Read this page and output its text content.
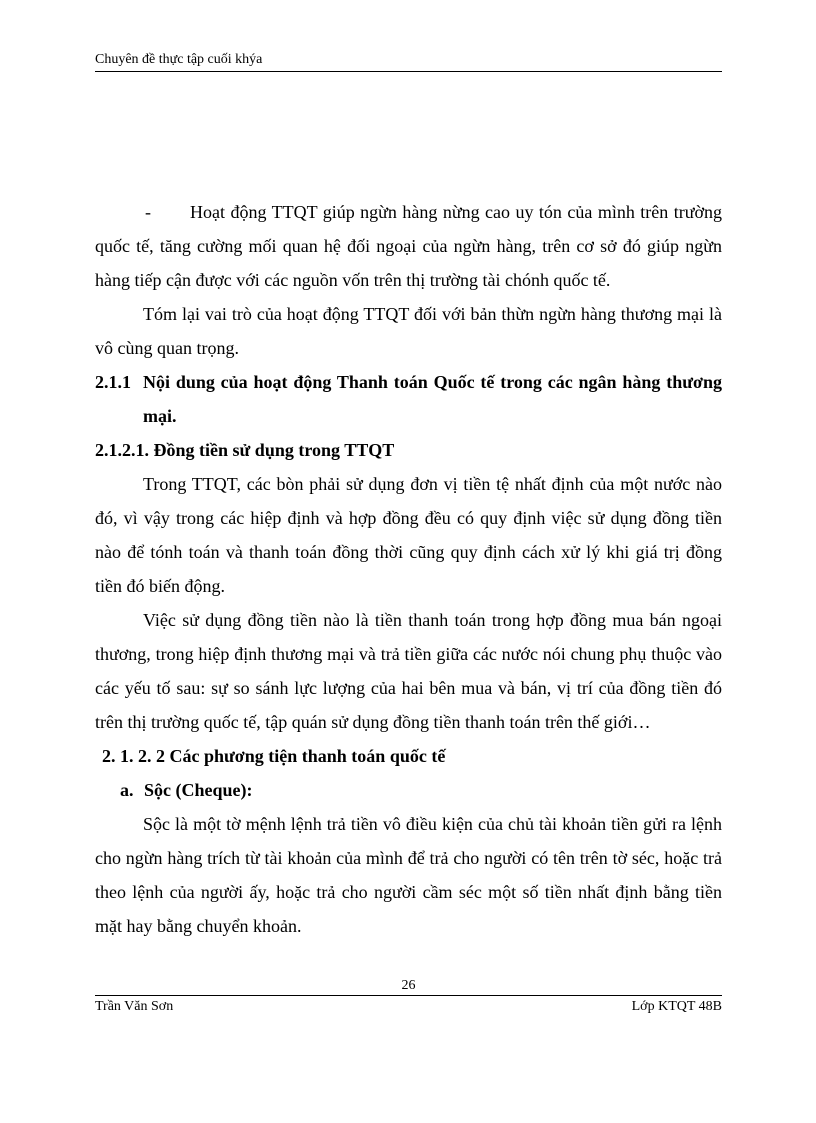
Chuyên đề thực tập cuối khýa

- Hoạt động TTQT giúp ngừn hàng nừng cao uy tón của mình trên trường quốc tế, tăng cường mối quan hệ đối ngoại của ngừn hàng, trên cơ sở đó giúp ngừn hàng tiếp cận được với các nguồn vốn trên thị trường tài chónh quốc tế.

Tóm lại vai trò của hoạt động TTQT đối với bản thừn ngừn hàng thương mại là vô cùng quan trọng.

2.1.1 Nội dung của hoạt động Thanh toán Quốc tế trong các ngân hàng thương mại.

2.1.2.1. Đồng tiền sử dụng trong TTQT

Trong TTQT, các bòn phải sử dụng đơn vị tiền tệ nhất định của một nước nào đó, vì vậy trong các hiệp định và hợp đồng đều có quy định việc sử dụng đồng tiền nào để tónh toán và thanh toán đồng thời cũng quy định cách xử lý khi giá trị đồng tiền đó biến động.

Việc sử dụng đồng tiền nào là tiền thanh toán trong hợp đồng mua bán ngoại thương, trong hiệp định thương mại và trả tiền giữa các nước nói chung phụ thuộc vào các yếu tố sau: sự so sánh lực lượng của hai bên mua và bán, vị trí của đồng tiền đó trên thị trường quốc tế, tập quán sử dụng đồng tiền thanh toán trên thế giới…

2. 1. 2. 2 Các phương tiện thanh toán quốc tế

a. Sộc (Cheque):

Sộc là một tờ mệnh lệnh trả tiền vô điều kiện của chủ tài khoản tiền gửi ra lệnh cho ngừn hàng trích từ tài khoản của mình để trả cho người có tên trên tờ séc, hoặc trả theo lệnh của người ấy, hoặc trả cho người cầm séc một số tiền nhất định bằng tiền mặt hay bằng chuyển khoản.

26
Trần Văn Sơn	Lớp KTQT 48B
